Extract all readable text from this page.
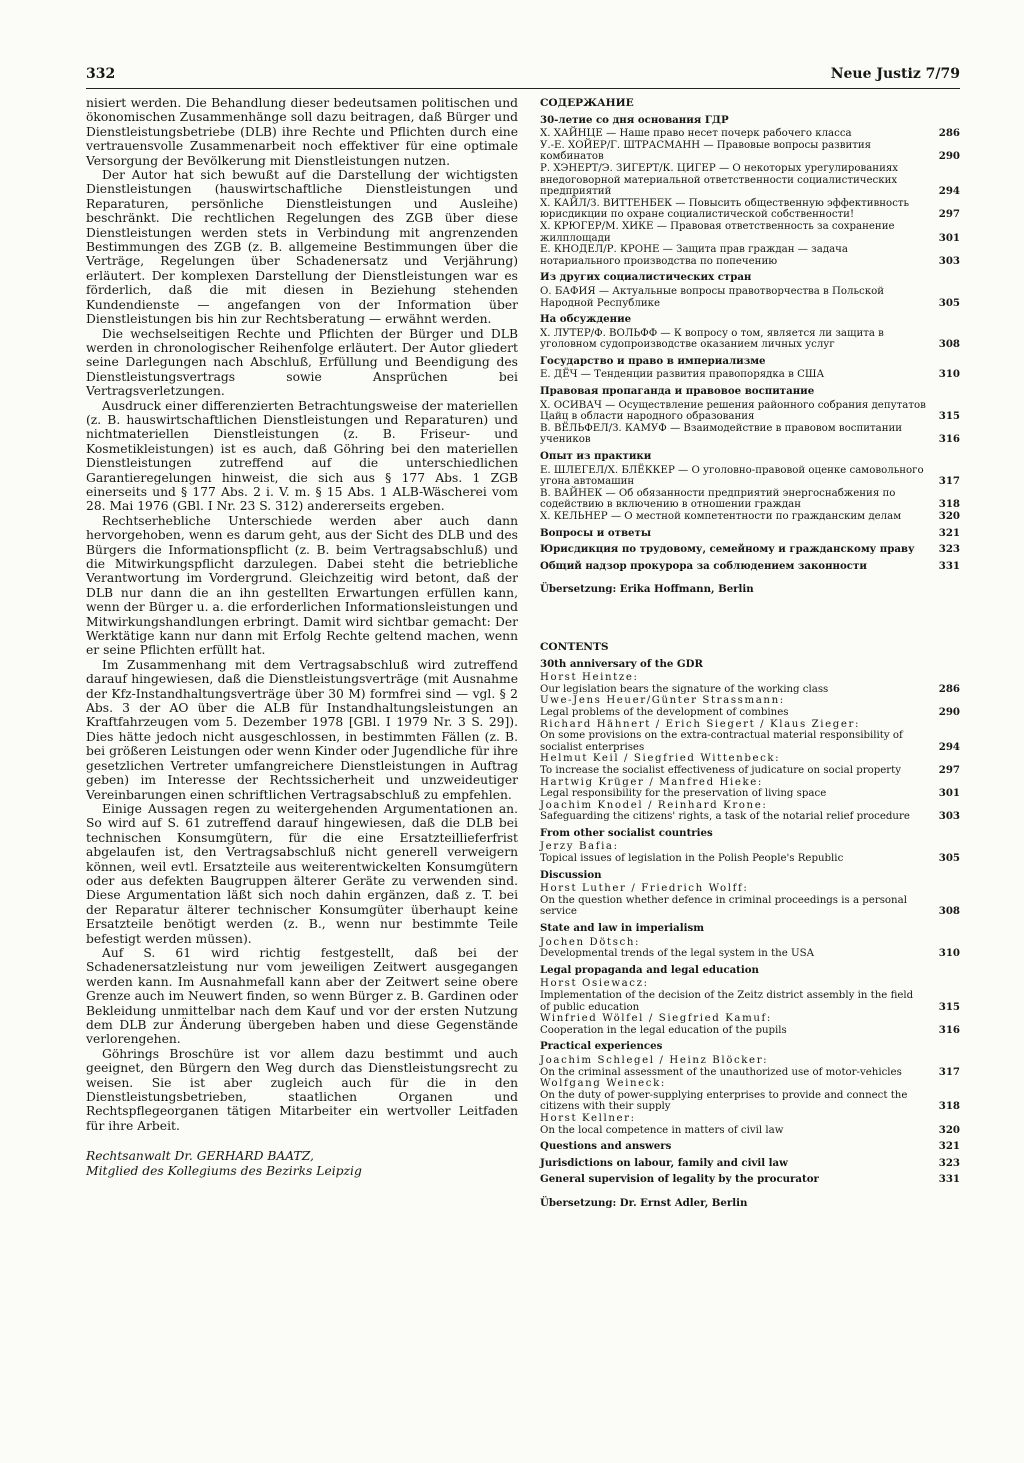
332	Neue Justiz 7/79

nisiert werden. Die Behandlung dieser bedeutsamen politischen und ökonomischen Zusammenhänge soll dazu beitragen, daß Bürger und Dienstleistungsbetriebe (DLB) ihre Rechte und Pflichten durch eine vertrauensvolle Zusammenarbeit noch effektiver für eine optimale Versorgung der Bevölkerung mit Dienstleistungen nutzen.

Der Autor hat sich bewußt auf die Darstellung der wichtigsten Dienstleistungen (hauswirtschaftliche Dienstleistungen und Reparaturen, persönliche Dienstleistungen und Ausleihe) beschränkt. Die rechtlichen Regelungen des ZGB über diese Dienstleistungen werden stets in Verbindung mit angrenzenden Bestimmungen des ZGB (z. B. allgemeine Bestimmungen über die Verträge, Regelungen über Schadenersatz und Verjährung) erläutert. Der komplexen Darstellung der Dienstleistungen war es förderlich, daß die mit diesen in Beziehung stehenden Kundendienste — angefangen von der Information über Dienstleistungen bis hin zur Rechtsberatung — erwähnt werden.

Die wechselseitigen Rechte und Pflichten der Bürger und DLB werden in chronologischer Reihenfolge erläutert. Der Autor gliedert seine Darlegungen nach Abschluß, Erfüllung und Beendigung des Dienstleistungsvertrags sowie Ansprüchen bei Vertragsverletzungen.

Ausdruck einer differenzierten Betrachtungsweise der materiellen (z. B. hauswirtschaftlichen Dienstleistungen und Reparaturen) und nichtmateriellen Dienstleistungen (z. B. Friseur- und Kosmetikleistungen) ist es auch, daß Göhring bei den materiellen Dienstleistungen zutreffend auf die unterschiedlichen Garantieregelungen hinweist, die sich aus § 177 Abs. 1 ZGB einerseits und § 177 Abs. 2 i. V. m. § 15 Abs. 1 ALB-Wäscherei vom 28. Mai 1976 (GBl. I Nr. 23 S. 312) andererseits ergeben.

Rechtserhebliche Unterschiede werden aber auch dann hervorgehoben, wenn es darum geht, aus der Sicht des DLB und des Bürgers die Informationspflicht (z. B. beim Vertragsabschluß) und die Mitwirkungspflicht darzulegen. Dabei steht die betriebliche Verantwortung im Vordergrund. Gleichzeitig wird betont, daß der DLB nur dann die an ihn gestellten Erwartungen erfüllen kann, wenn der Bürger u. a. die erforderlichen Informationsleistungen und Mitwirkungshandlungen erbringt. Damit wird sichtbar gemacht: Der Werktätige kann nur dann mit Erfolg Rechte geltend machen, wenn er seine Pflichten erfüllt hat.

Im Zusammenhang mit dem Vertragsabschluß wird zutreffend darauf hingewiesen, daß die Dienstleistungsverträge (mit Ausnahme der Kfz-Instandhaltungsverträge über 30 M) formfrei sind — vgl. § 2 Abs. 3 der AO über die ALB für Instandhaltungsleistungen an Kraftfahrzeugen vom 5. Dezember 1978 [GBl. I 1979 Nr. 3 S. 29]). Dies hätte jedoch nicht ausgeschlossen, in bestimmten Fällen (z. B. bei größeren Leistungen oder wenn Kinder oder Jugendliche für ihre gesetzlichen Vertreter umfangreichere Dienstleistungen in Auftrag geben) im Interesse der Rechtssicherheit und unzweideutiger Vereinbarungen einen schriftlichen Vertragsabschluß zu empfehlen.

Einige Aussagen regen zu weitergehenden Argumentationen an. So wird auf S. 61 zutreffend darauf hingewiesen, daß die DLB bei technischen Konsumgütern, für die eine Ersatzteillieferfrist abgelaufen ist, den Vertragsabschluß nicht generell verweigern können, weil evtl. Ersatzteile aus weiterentwickelten Konsumgütern oder aus defekten Baugruppen älterer Geräte zu verwenden sind. Diese Argumentation läßt sich noch dahin ergänzen, daß z. T. bei der Reparatur älterer technischer Konsumgüter überhaupt keine Ersatzteile benötigt werden (z. B., wenn nur bestimmte Teile befestigt werden müssen).

Auf S. 61 wird richtig festgestellt, daß bei der Schadenersatzleistung nur vom jeweiligen Zeitwert ausgegangen werden kann. Im Ausnahmefall kann aber der Zeitwert seine obere Grenze auch im Neuwert finden, so wenn Bürger z. B. Gardinen oder Bekleidung unmittelbar nach dem Kauf und vor der ersten Nutzung dem DLB zur Änderung übergeben haben und diese Gegenstände verlorengehen.

Göhrings Broschüre ist vor allem dazu bestimmt und auch geeignet, den Bürgern den Weg durch das Dienstleistungsrecht zu weisen. Sie ist aber zugleich auch für die in den Dienstleistungsbetrieben, staatlichen Organen und Rechtspflegeorganen tätigen Mitarbeiter ein wertvoller Leitfaden für ihre Arbeit.

Rechtsanwalt Dr. GERHARD BAATZ,
Mitglied des Kollegiums des Bezirks Leipzig
СОДЕРЖАНИЕ
30-летие со дня основания ГДР
Х. ХАЙНЦЕ — Наше право несет почерк рабочего класса	286
У.-Е. ХОЙЕР/Г. ШТРАСМАНН — Правовые вопросы развития комбинатов	290
Р. ХЭНЕРТ/Э. ЗИГЕРТ/К. ЦИГЕР — О некоторых урегулированиях внедоговорной материальной ответственности социалистических предприятий	294
Х. КАЙЛ/З. ВИТТЕНБЕК — Повысить общественную эффективность юрисдикции по охране социалистической собственности!	297
Х. КРЮГЕР/М. ХИКЕ — Правовая ответственность за сохранение жилплощади	301
Е. КНОДЕЛ/Р. КРОНЕ — Защита прав граждан — задача нотариального производства по попечению	303
Из других социалистических стран
О. БАФИЯ — Актуальные вопросы правотворчества в Польской Народной Республике	305
На обсуждение
Х. ЛУТЕР/Ф. ВОЛЬФФ — К вопросу о том, является ли защита в уголовном судопроизводстве оказанием личных услуг	308
Государство и право в империализме
Е. ДЁЧ — Тенденции развития правопорядка в США	310
Правовая пропаганда и правовое воспитание
Х. ОСИВАЧ — Осуществление решения районного собрания депутатов Цайц в области народного образования	315
В. ВЁЛЬФЕЛ/З. КАМУФ — Взаимодействие в правовом воспитании учеников	316
Опыт из практики
Е. ШЛЕГЕЛ/Х. БЛЁККЕР — О уголовно-правовой оценке самовольного угона автомашин	317
В. ВАЙНЕК — Об обязанности предприятий энергоснабжения по содействию в включению в отношении граждан	318
Х. КЕЛЬНЕР — О местной компетентности по гражданским делам	320
Вопросы и ответы	321
Юрисдикция по трудовому, семейному и гражданскому праву 323
Общий надзор прокурора за соблюдением законности	331
Übersetzung: Erika Hoffmann, Berlin
CONTENTS
30th anniversary of the GDR
Horst Heintze:
Our legislation bears the signature of the working class	286
Uwe-Jens Heuer/Günter Strassmann:
Legal problems of the development of combines	290
Richard Hähnert / Erich Siegert / Klaus Zieger:
On some provisions on the extra-contractual material responsibility of socialist enterprises	294
Helmut Keil / Siegfried Wittenbeck:
To increase the socialist effectiveness of judicature on social property	297
Hartwig Krüger / Manfred Hieke:
Legal responsibility for the preservation of living space	301
Joachim Knodel / Reinhard Krone:
Safeguarding the citizens' rights, a task of the notarial relief procedure	303
From other socialist countries
Jerzy Bafia:
Topical issues of legislation in the Polish People's Republic	305
Discussion
Horst Luther / Friedrich Wolff:
On the question whether defence in criminal proceedings is a personal service	308
State and law in imperialism
Jochen Dötsch:
Developmental trends of the legal system in the USA	310
Legal propaganda and legal education
Horst Osiewacz:
Implementation of the decision of the Zeitz district assembly in the field of public education	315
Winfried Wölfel / Siegfried Kamuf:
Cooperation in the legal education of the pupils	316
Practical experiences
Joachim Schlegel / Heinz Blöcker:
On the criminal assessment of the unauthorized use of motor-vehicles	317
Wolfgang Weineck:
On the duty of power-supplying enterprises to provide and connect the citizens with their supply	318
Horst Kellner:
On the local competence in matters of civil law	320
Questions and answers	321
Jurisdictions on labour, family and civil law	323
General supervision of legality by the procurator	331
Übersetzung: Dr. Ernst Adler, Berlin
